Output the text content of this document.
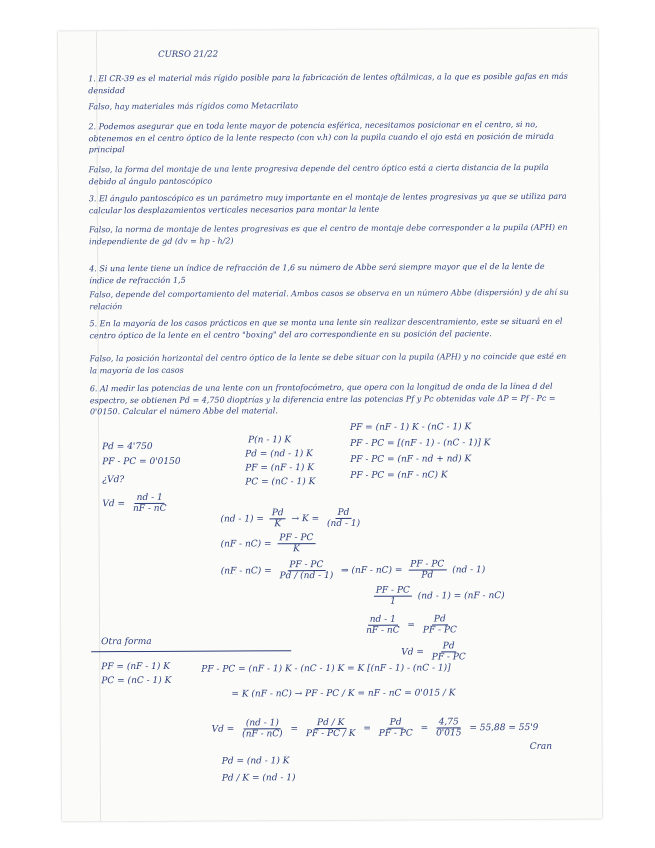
CURSO 21/22
1. El CR-39 es el material más rígido posible para la fabricación de lentes oftálmicas, a la que es posible gafas en más densidad
Falso, hay materiales más rígidos como Metacrilato
2. Podemos asegurar que en toda lente mayor de potencia esférica, necesitamos posicionar en el centro, si no, obtenemos en el centro óptico de la lente respecto (con v.h) con la pupila cuando el ojo está en posición de mirada principal
Falso, la forma del montaje de una lente progresiva depende del centro óptico está a cierta distancia de la pupila debido al ángulo pantoscópico
3. El ángulo pantoscópico es un parámetro muy importante en el montaje de lentes progresivas ya que se utiliza para calcular los desplazamientos verticales necesarios para montar la lente
Falso, la norma de montaje de lentes progresivas es que el centro de montaje debe corresponder a la pupila (APH) en independiente de gd (dv = hp - h/2)
4. Si una lente tiene un índice de refracción de 1,6 su número de Abbe será siempre mayor que el de la lente de índice de refracción 1,5
Falso, depende del comportamiento del material. Ambos casos se observa en un número Abbe (dispersión) y de ahí su relación
5. En la mayoría de los casos prácticos en que se monta una lente sin realizar descentramiento, este se situará en el centro óptico de la lente en el centro "boxing" del aro correspondiente en su posición del paciente.
Falso, la posición horizontal del centro óptico de la lente se debe situar con la pupila (APH) y no coincide que esté en la mayoría de los casos
6. Al medir las potencias de una lente con un frontofocómetro, que opera con la longitud de onda de la línea d del espectro, se obtienen Pd = 4,750 dioptrías y la diferencia entre las potencias Pf y Pc obtenidas vale ΔP = Pf - Pc = 0'0150. Calcular el número Abbe del material.
Pd = 4'750
PF - PC = 0'0150
¿Vd?
$Vd = \frac{nd - 1}{nF - nC}$
P(n - 1) K
Pd = (nd - 1) K
PF = (nF - 1) K
PC = (nC - 1) K
PF = (nF - 1) K - (nC - 1) K
PF - PC = [(nF - 1) - (nC - 1)] K
PF - PC = (nF - nd + nd) K
PF - PC = (nF - nC) K
$(nd - 1) = \frac{Pd}{K} \to K = \frac{Pd}{(nd - 1)}$
$(nF - nC) = \frac{PF - PC}{K}$
$(nF - nC) = \frac{PF - PC}{Pd / (nd - 1)}$ ⇒ $(nF - nC) = \frac{PF - PC}{Pd} (nd - 1)$
$\frac{PF - PC}{1} (nd - 1) = (nF - nC)$
$\frac{nd - 1}{nF - nC} = \frac{Pd}{PF - PC}$
$Vd = \frac{Pd}{PF - PC}$
Otra forma
PF = (nF - 1) K
PC = (nC - 1) K
PF - PC = (nF - 1) K - (nC - 1) K = K [(nF - 1) - (nC - 1)]
= K (nF - nC) → PF - PC / K = nF - nC = 0'015 / K
$Vd = \frac{(nd - 1)}{(nF - nC)} = \frac{Pd / K}{PF - PC / K} = \frac{Pd}{PF - PC} = \frac{4,75}{0'015} = 55,88 = 55'9$
Cran
Pd = (nd - 1) K
Pd / K = (nd - 1)
